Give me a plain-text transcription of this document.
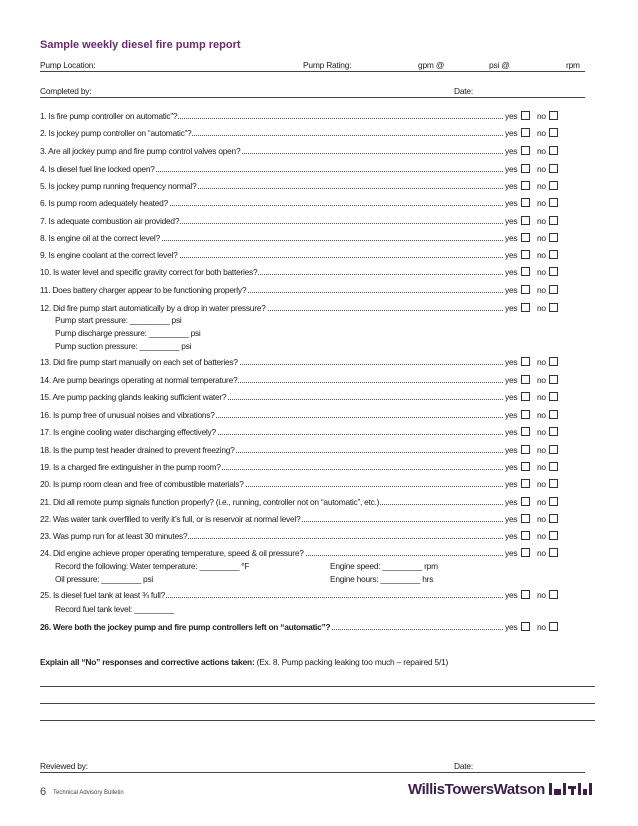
Sample weekly diesel fire pump report
Pump Location:	Pump Rating:	gpm @	psi @	rpm
Completed by:	Date:
1. Is fire pump controller on automatic”?	yes no
2. Is jockey pump controller on “automatic”?	yes no
3. Are all jockey pump and fire pump control valves open?	yes no
4. Is diesel fuel line locked open?	yes no
5. Is jockey pump running frequency normal?	yes no
6. Is pump room adequately heated?	yes no
7. Is adequate combustion air provided?	yes no
8. Is engine oil at the correct level?	yes no
9. Is engine coolant at the correct level?	yes no
10. Is water level and specific gravity correct for both batteries?	yes no
11. Does battery charger appear to be functioning properly?	yes no
12. Did fire pump start automatically by a drop in water pressure?	yes no
13. Did fire pump start manually on each set of batteries?	yes no
14. Are pump bearings operating at normal temperature?	yes no
15. Are pump packing glands leaking sufficient water?	yes no
16. Is pump free of unusual noises and vibrations?	yes no
17. Is engine cooling water discharging effectively?	yes no
18. Is the pump test header drained to prevent freezing?	yes no
19. Is a charged fire extinguisher in the pump room?	yes no
20. Is pump room clean and free of combustible materials?	yes no
21. Did all remote pump signals function properly? (i.e., running, controller not on “automatic”, etc.)	yes no
22. Was water tank overfilled to verify it’s full, or is reservoir at normal level?	yes no
23. Was pump run for at least 30 minutes?	yes no
24. Did engine achieve proper operating temperature, speed & oil pressure?	yes no
25. Is diesel fuel tank at least ¾ full?	yes no
26. Were both the jockey pump and fire pump controllers left on “automatic”?	yes no
Pump start pressure: _________ psi
Pump discharge pressure: _________ psi
Pump suction pressure: _________ psi
Record the following: Water temperature: _________ °F
Oil pressure: _________ psi
Engine speed: _________ rpm
Engine hours: _________ hrs
Record fuel tank level: _________
Explain all “No” responses and corrective actions taken: (Ex. 8. Pump packing leaking too much – repaired 5/1)
Reviewed by:	Date:
6 Technical Advisory Bulletin	WillisTowersWatson
